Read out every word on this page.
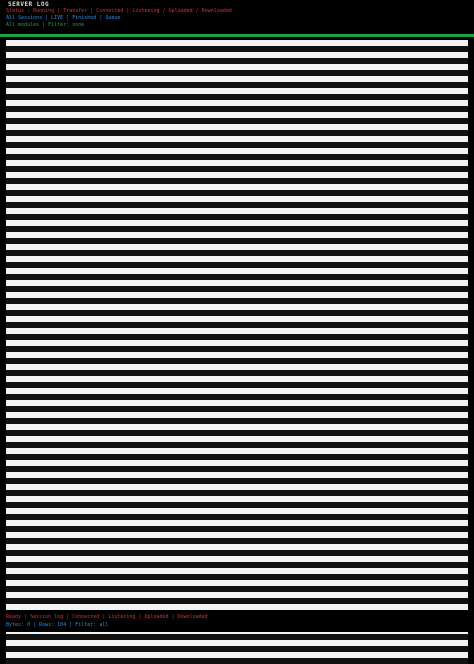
SERVER LOG
Status : Running | Transfer | Connected | Listening / Uploaded / Downloaded
All Sessions | LIVE | Finished | Queue
All modules | Filter: none
Ready | Session log | Connected | Listening | Uploaded | Downloaded
Bytes: 0 | Rows: 104 | Filter: all
